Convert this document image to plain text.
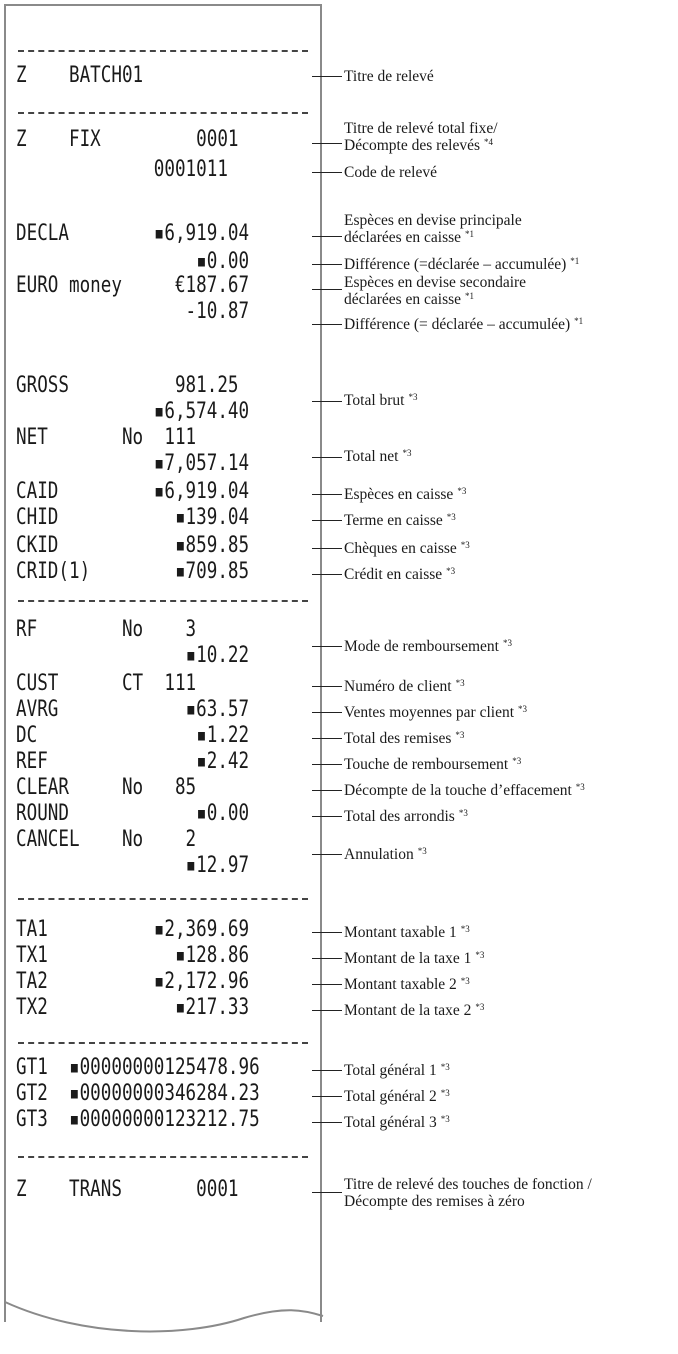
Z    BATCH01
Z    FIX         0001
0001011
DECLA        ▪6,919.04
▪0.00
EURO money     €187.67
-10.87
GROSS          981.25
▪6,574.40
NET       No  111
▪7,057.14
CAID         ▪6,919.04
CHID           ▪139.04
CKID           ▪859.85
CRID(1)        ▪709.85
RF        No    3
▪10.22
CUST      CT  111
AVRG            ▪63.57
DC               ▪1.22
REF              ▪2.42
CLEAR     No   85
ROUND            ▪0.00
CANCEL    No    2
▪12.97
TA1          ▪2,369.69
TX1            ▪128.86
TA2          ▪2,172.96
TX2            ▪217.33
GT1  ▪00000000125478.96
GT2  ▪00000000346284.23
GT3  ▪00000000123212.75
Z    TRANS       0001
Titre de relevé
Titre de relevé total fixe/
Décompte des relevés $^{*4}$
Code de relevé
Espèces en devise principale
déclarées en caisse $^{*1}$
Différence (=déclarée – accumulée) $^{*1}$
Espèces en devise secondaire
déclarées en caisse $^{*1}$
Différence (= déclarée – accumulée) $^{*1}$
Total brut $^{*3}$
Total net $^{*3}$
Espèces en caisse $^{*3}$
Terme en caisse $^{*3}$
Chèques en caisse $^{*3}$
Crédit en caisse $^{*3}$
Mode de remboursement $^{*3}$
Numéro de client $^{*3}$
Ventes moyennes par client $^{*3}$
Total des remises $^{*3}$
Touche de remboursement $^{*3}$
Décompte de la touche d’effacement $^{*3}$
Total des arrondis $^{*3}$
Annulation $^{*3}$
Montant taxable 1 $^{*3}$
Montant de la taxe 1 $^{*3}$
Montant taxable 2 $^{*3}$
Montant de la taxe 2 $^{*3}$
Total général 1 $^{*3}$
Total général 2 $^{*3}$
Total général 3 $^{*3}$
Titre de relevé des touches de fonction /
Décompte des remises à zéro
